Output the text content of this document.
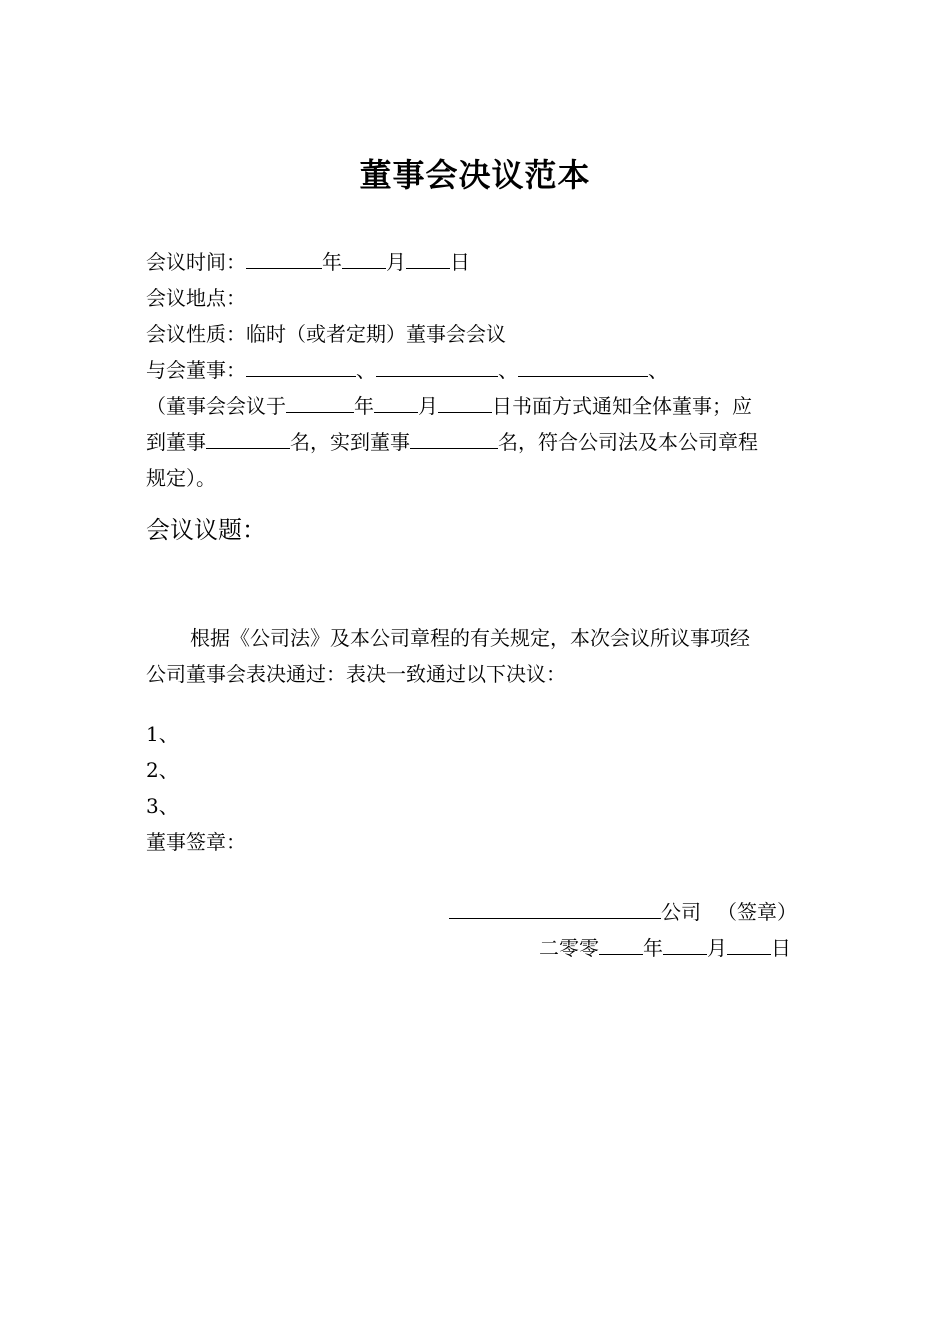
董事会决议范本
会议时间：	年 月 日
会议地点：
会议性质：临时（或者定期）董事会会议
与会董事：	、	、	、
（董事会会议于	年 月	日书面方式通知全体董事；应
到董事	名，实到董事	名，符合公司法及本公司章程
规定）。
会议议题：
根据《公司法》及本公司章程的有关规定，本次会议所议事项经
公司董事会表决通过：表决一致通过以下决议：
1、
2、
3、
董事签章：
公司 （签章）
二零零 年 月 日
